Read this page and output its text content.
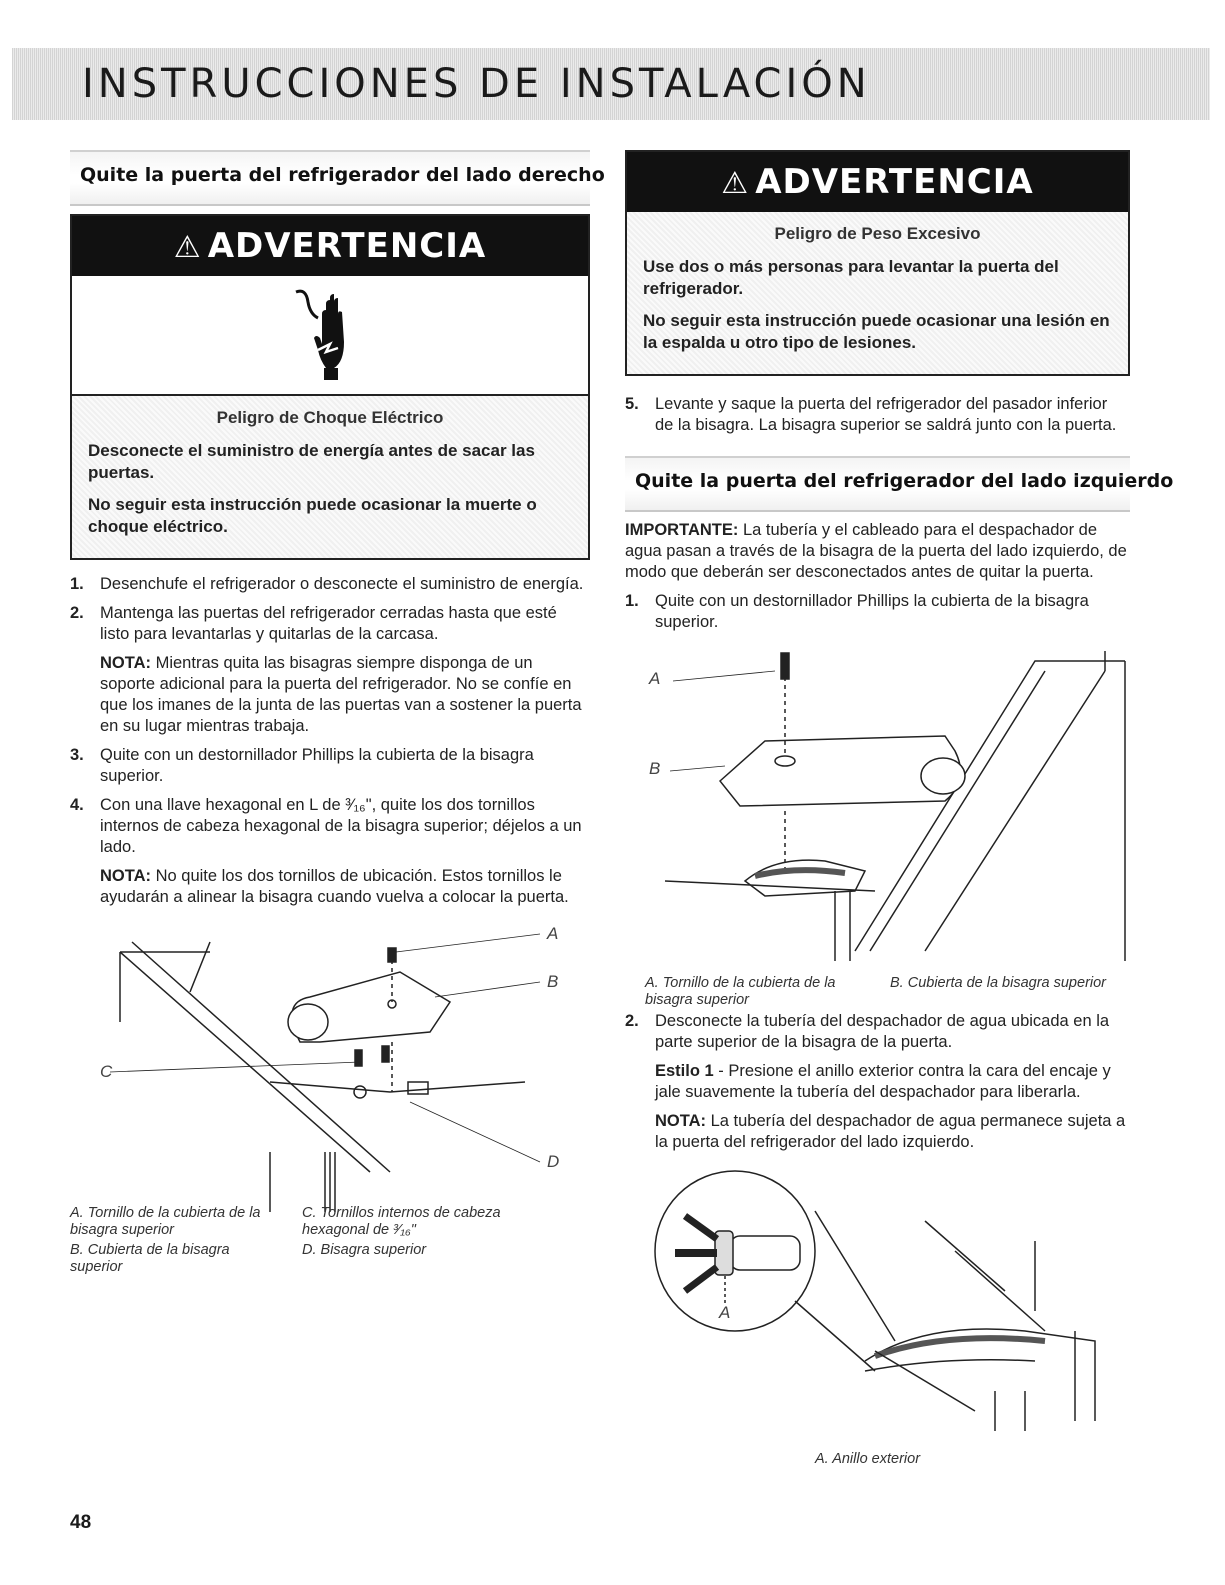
INSTRUCCIONES DE INSTALACIÓN
Quite la puerta del refrigerador del lado derecho
⚠ ADVERTENCIA

Peligro de Choque Eléctrico

Desconecte el suministro de energía antes de sacar las puertas.

No seguir esta instrucción puede ocasionar la muerte o choque eléctrico.

1. Desenchufe el refrigerador o desconecte el suministro de energía.
2. Mantenga las puertas del refrigerador cerradas hasta que esté listo para levantarlas y quitarlas de la carcasa.

NOTA: Mientras quita las bisagras siempre disponga de un soporte adicional para la puerta del refrigerador. No se confíe en que los imanes de la junta de las puertas van a sostener la puerta en su lugar mientras trabaja.

3. Quite con un destornillador Phillips la cubierta de la bisagra superior.
4. Con una llave hexagonal en L de ³⁄₁₆", quite los dos tornillos internos de cabeza hexagonal de la bisagra superior; déjelos a un lado.

NOTA: No quite los dos tornillos de ubicación. Estos tornillos le ayudarán a alinear la bisagra cuando vuelva a colocar la puerta.

A
B
C
D
A. Tornillo de la cubierta de la bisagra superior
B. Cubierta de la bisagra superior
C. Tornillos internos de cabeza hexagonal de ³⁄₁₆"
D. Bisagra superior
⚠ ADVERTENCIA

Peligro de Peso Excesivo

Use dos o más personas para levantar la puerta del refrigerador.

No seguir esta instrucción puede ocasionar una lesión en la espalda u otro tipo de lesiones.

5. Levante y saque la puerta del refrigerador del pasador inferior de la bisagra. La bisagra superior se saldrá junto con la puerta.
Quite la puerta del refrigerador del lado izquierdo

IMPORTANTE: La tubería y el cableado para el despachador de agua pasan a través de la bisagra de la puerta del lado izquierdo, de modo que deberán ser desconectados antes de quitar la puerta.

1. Quite con un destornillador Phillips la cubierta de la bisagra superior.
A
B
A. Tornillo de la cubierta de la bisagra superior
B. Cubierta de la bisagra superior
2. Desconecte la tubería del despachador de agua ubicada en la parte superior de la bisagra de la puerta.

Estilo 1 - Presione el anillo exterior contra la cara del encaje y jale suavemente la tubería del despachador para liberarla.

NOTA: La tubería del despachador de agua permanece sujeta a la puerta del refrigerador del lado izquierdo.

A
A. Anillo exterior
48
